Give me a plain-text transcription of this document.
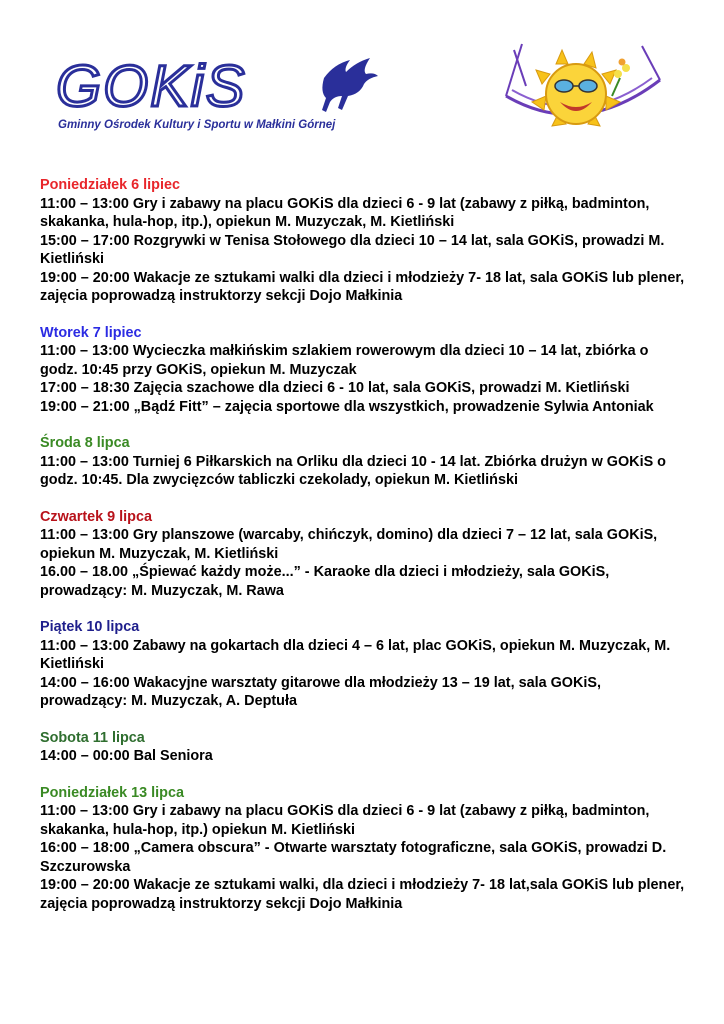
GOKiS
Gminny Ośrodek Kultury i Sportu w Małkini Górnej
Poniedziałek 6 lipiec
11:00 – 13:00 Gry i zabawy na placu GOKiS dla dzieci 6 - 9 lat (zabawy z piłką, badminton, skakanka, hula-hop, itp.), opiekun M. Muzyczak, M. Kietliński
15:00 – 17:00 Rozgrywki w Tenisa Stołowego dla dzieci 10 – 14 lat, sala GOKiS, prowadzi M. Kietliński
19:00 – 20:00 Wakacje ze sztukami walki dla dzieci i młodzieży 7- 18 lat, sala GOKiS lub plener, zajęcia poprowadzą instruktorzy sekcji Dojo Małkinia
Wtorek 7 lipiec
11:00 – 13:00 Wycieczka małkińskim szlakiem rowerowym dla dzieci 10 – 14 lat, zbiórka o godz. 10:45 przy GOKiS, opiekun M. Muzyczak
17:00 – 18:30 Zajęcia szachowe dla dzieci 6 - 10 lat, sala GOKiS, prowadzi M. Kietliński
19:00 – 21:00 „Bądź Fitt” – zajęcia sportowe dla wszystkich, prowadzenie Sylwia Antoniak
Środa 8 lipca
11:00 – 13:00 Turniej 6 Piłkarskich na Orliku dla dzieci 10 - 14 lat. Zbiórka drużyn w GOKiS o godz. 10:45. Dla zwycięzców tabliczki czekolady, opiekun M. Kietliński
Czwartek 9 lipca
11:00 – 13:00 Gry planszowe (warcaby, chińczyk, domino) dla dzieci 7 – 12 lat, sala GOKiS, opiekun M. Muzyczak, M. Kietliński
16.00 – 18.00 „Śpiewać każdy może...” - Karaoke dla dzieci i młodzieży, sala GOKiS, prowadzący: M. Muzyczak, M. Rawa
Piątek 10 lipca
11:00 – 13:00 Zabawy na gokartach dla dzieci 4 – 6 lat, plac GOKiS, opiekun M. Muzyczak, M. Kietliński
14:00 – 16:00 Wakacyjne warsztaty gitarowe dla młodzieży 13 – 19 lat, sala GOKiS, prowadzący: M. Muzyczak, A. Deptuła
Sobota 11 lipca
14:00 – 00:00 Bal Seniora
Poniedziałek 13 lipca
11:00 – 13:00 Gry i zabawy na placu GOKiS dla dzieci 6 - 9 lat (zabawy z piłką, badminton, skakanka, hula-hop, itp.) opiekun M. Kietliński
16:00 – 18:00 „Camera obscura” - Otwarte warsztaty fotograficzne, sala GOKiS, prowadzi D. Szczurowska
19:00 – 20:00 Wakacje ze sztukami walki, dla dzieci i młodzieży 7- 18 lat,sala GOKiS lub plener, zajęcia poprowadzą instruktorzy sekcji Dojo Małkinia
